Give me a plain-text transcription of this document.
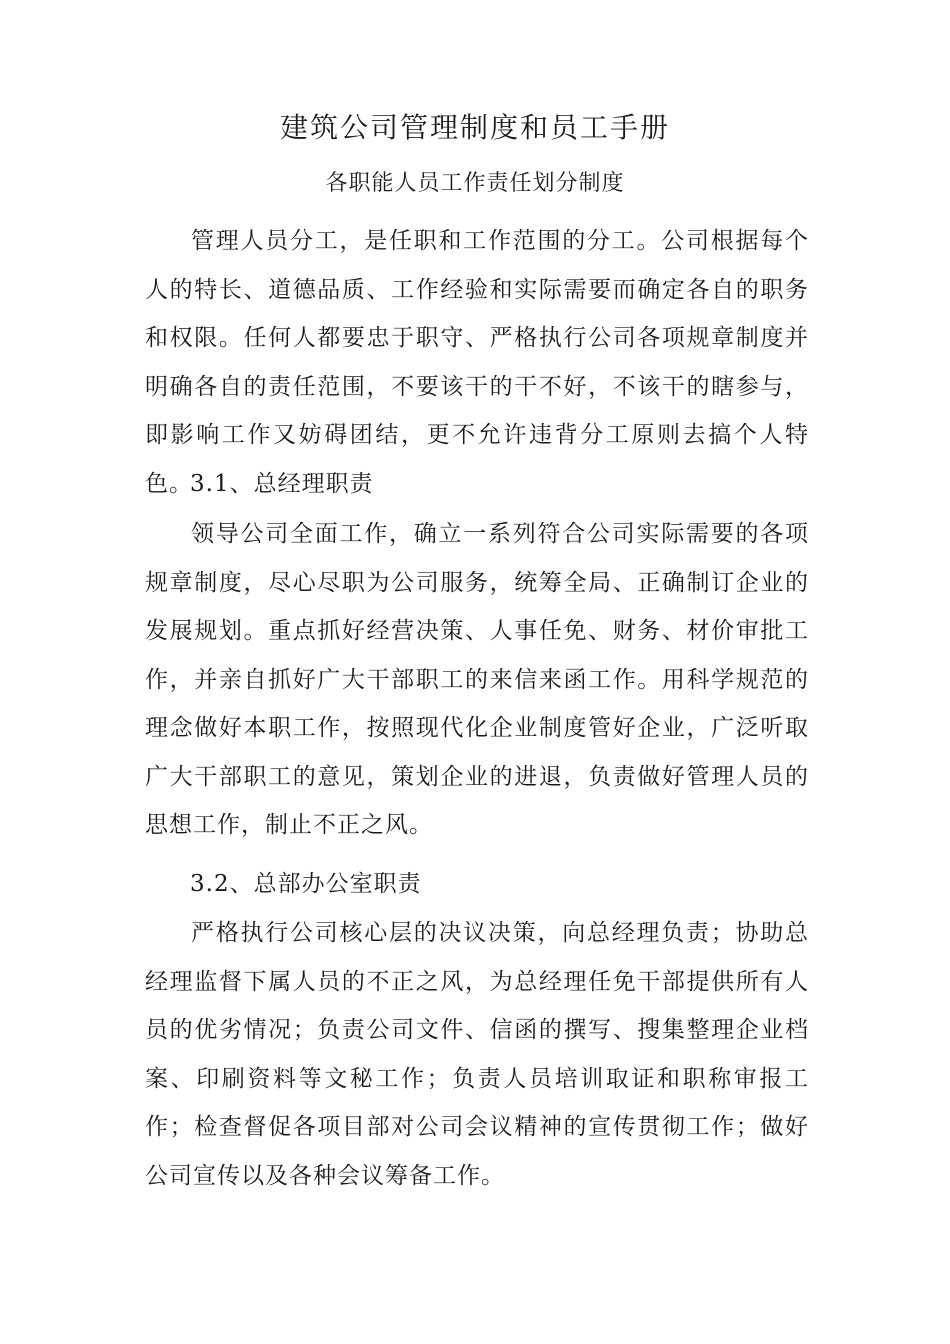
建筑公司管理制度和员工手册

各职能人员工作责任划分制度

管理人员分工，是任职和工作范围的分工。公司根据每个人的特长、道德品质、工作经验和实际需要而确定各自的职务和权限。任何人都要忠于职守、严格执行公司各项规章制度并明确各自的责任范围，不要该干的干不好，不该干的瞎参与，即影响工作又妨碍团结，更不允许违背分工原则去搞个人特色。

3.1、总经理职责

领导公司全面工作，确立一系列符合公司实际需要的各项规章制度，尽心尽职为公司服务，统筹全局、正确制订企业的发展规划。重点抓好经营决策、人事任免、财务、材价审批工作，并亲自抓好广大干部职工的来信来函工作。用科学规范的理念做好本职工作，按照现代化企业制度管好企业，广泛听取广大干部职工的意见，策划企业的进退，负责做好管理人员的思想工作，制止不正之风。

3.2、总部办公室职责

严格执行公司核心层的决议决策，向总经理负责；协助总经理监督下属人员的不正之风，为总经理任免干部提供所有人员的优劣情况；负责公司文件、信函的撰写、搜集整理企业档案、印刷资料等文秘工作；负责人员培训取证和职称审报工作；检查督促各项目部对公司会议精神的宣传贯彻工作；做好公司宣传以及各种会议筹备工作。
